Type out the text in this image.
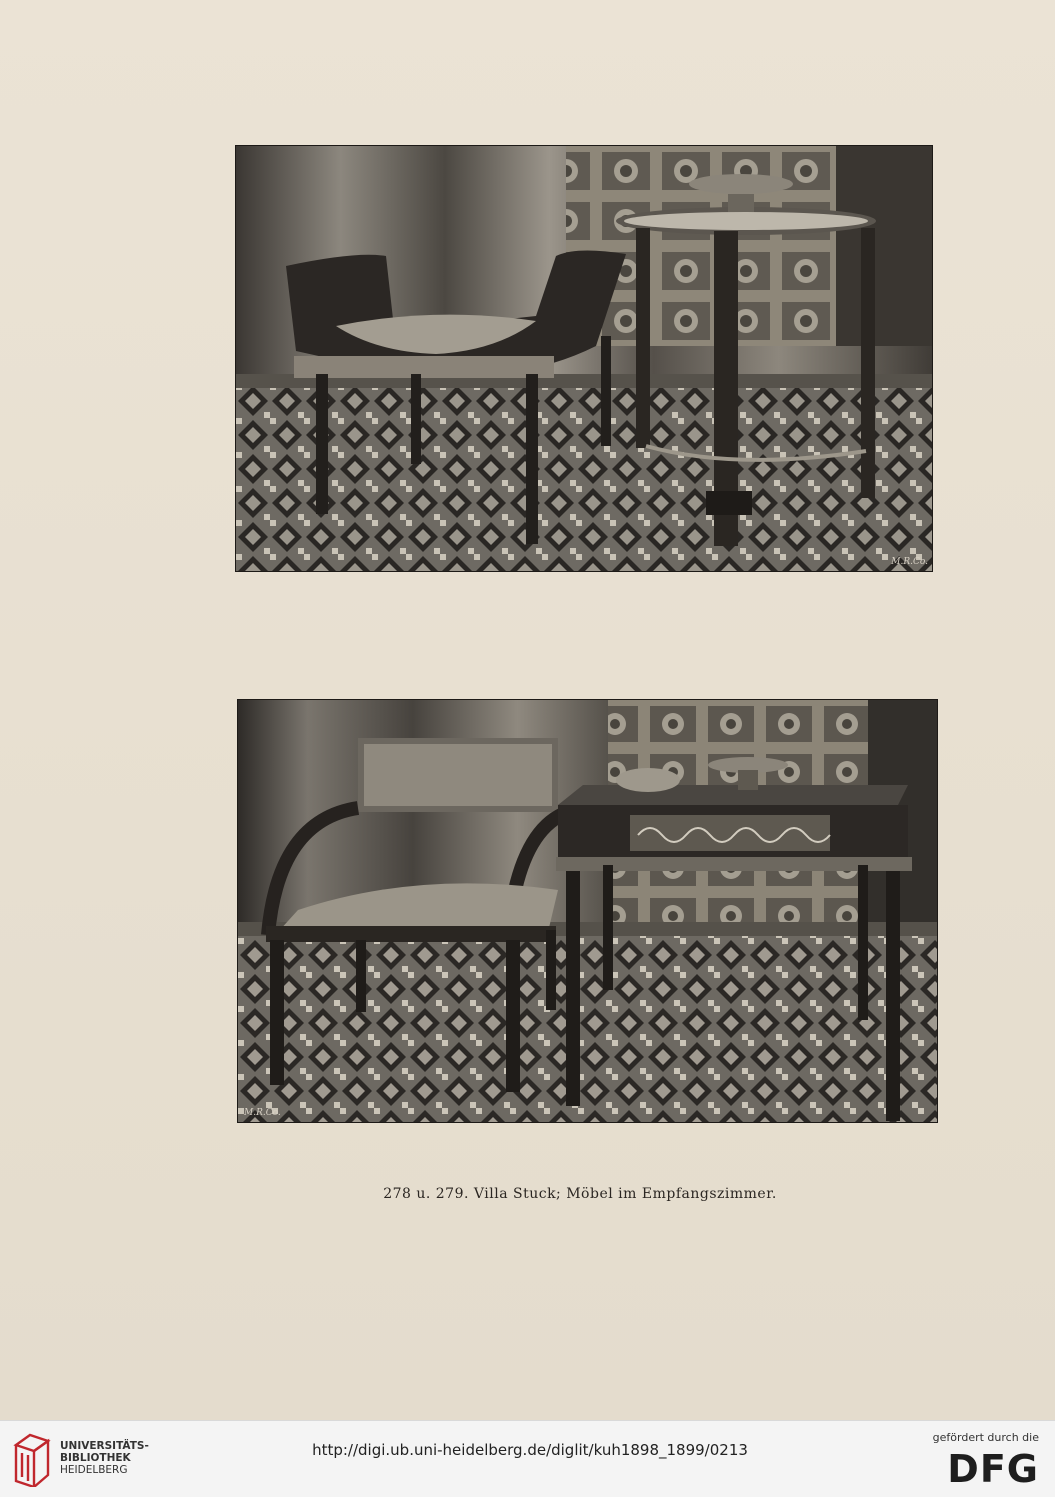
M.R.Co.
M.R.Co.
278 u. 279. Villa Stuck; Möbel im Empfangszimmer.
UNIVERSITÄTS-
BIBLIOTHEK
HEIDELBERG
http://digi.ub.uni-heidelberg.de/diglit/kuh1898_1899/0213
gefördert durch die
DFG
